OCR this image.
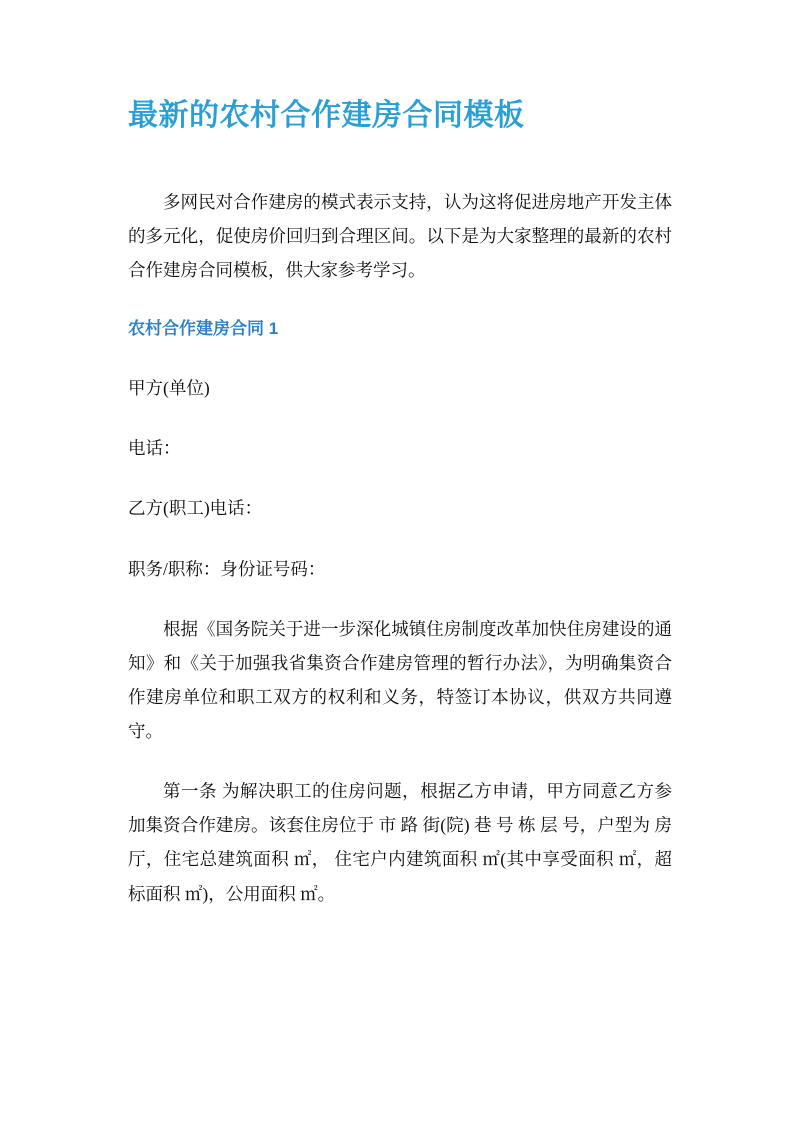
最新的农村合作建房合同模板

多网民对合作建房的模式表示支持，认为这将促进房地产开发主体的多元化，促使房价回归到合理区间。以下是为大家整理的最新的农村合作建房合同模板，供大家参考学习。

农村合作建房合同 1

甲方(单位)

电话：

乙方(职工)电话：

职务/职称：身份证号码：

根据《国务院关于进一步深化城镇住房制度改革加快住房建设的通知》和《关于加强我省集资合作建房管理的暂行办法》，为明确集资合作建房单位和职工双方的权利和义务，特签订本协议，供双方共同遵守。

第一条 为解决职工的住房问题，根据乙方申请，甲方同意乙方参加集资合作建房。该套住房位于 市 路 街(院) 巷 号 栋 层 号，户型为 房 厅，住宅总建筑面积 ㎡， 住宅户内建筑面积 ㎡(其中享受面积 ㎡，超标面积 ㎡)，公用面积 ㎡。
